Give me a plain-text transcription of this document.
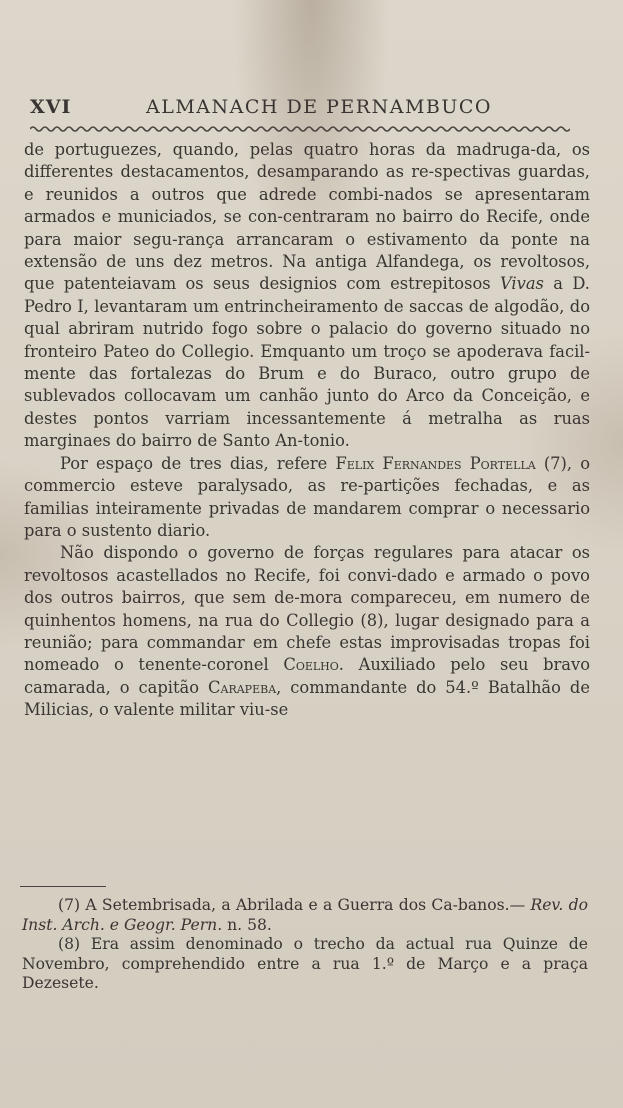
XVI	ALMANACH DE PERNAMBUCO

de portuguezes, quando, pelas quatro horas da madruga-da, os differentes destacamentos, desamparando as re-spectivas guardas, e reunidos a outros que adrede combi-nados se apresentaram armados e municiados, se con-centraram no bairro do Recife, onde para maior segu-rança arrancaram o estivamento da ponte na extensão de uns dez metros. Na antiga Alfandega, os revoltosos, que patenteiavam os seus designios com estrepitosos Vivas a D. Pedro I, levantaram um entrincheiramento de saccas de algodão, do qual abriram nutrido fogo sobre o palacio do governo situado no fronteiro Pateo do Collegio. Emquanto um troço se apoderava facil-mente das fortalezas do Brum e do Buraco, outro grupo de sublevados collocavam um canhão junto do Arco da Conceição, e destes pontos varriam incessantemente á metralha as ruas marginaes do bairro de Santo An-tonio.

Por espaço de tres dias, refere Felix Fernandes Portella (7), o commercio esteve paralysado, as re-partições fechadas, e as familias inteiramente privadas de mandarem comprar o necessario para o sustento diario.

Não dispondo o governo de forças regulares para atacar os revoltosos acastellados no Recife, foi convi-dado e armado o povo dos outros bairros, que sem de-mora compareceu, em numero de quinhentos homens, na rua do Collegio (8), lugar designado para a reunião; para commandar em chefe estas improvisadas tropas foi nomeado o tenente-coronel Coelho. Auxiliado pelo seu bravo camarada, o capitão Carapeba, commandante do 54.º Batalhão de Milicias, o valente militar viu-se

(7) A Setembrisada, a Abrilada e a Guerra dos Ca-banos.— Rev. do Inst. Arch. e Geogr. Pern. n. 58.

(8) Era assim denominado o trecho da actual rua Quinze de Novembro, comprehendido entre a rua 1.º de Março e a praça Dezesete.
